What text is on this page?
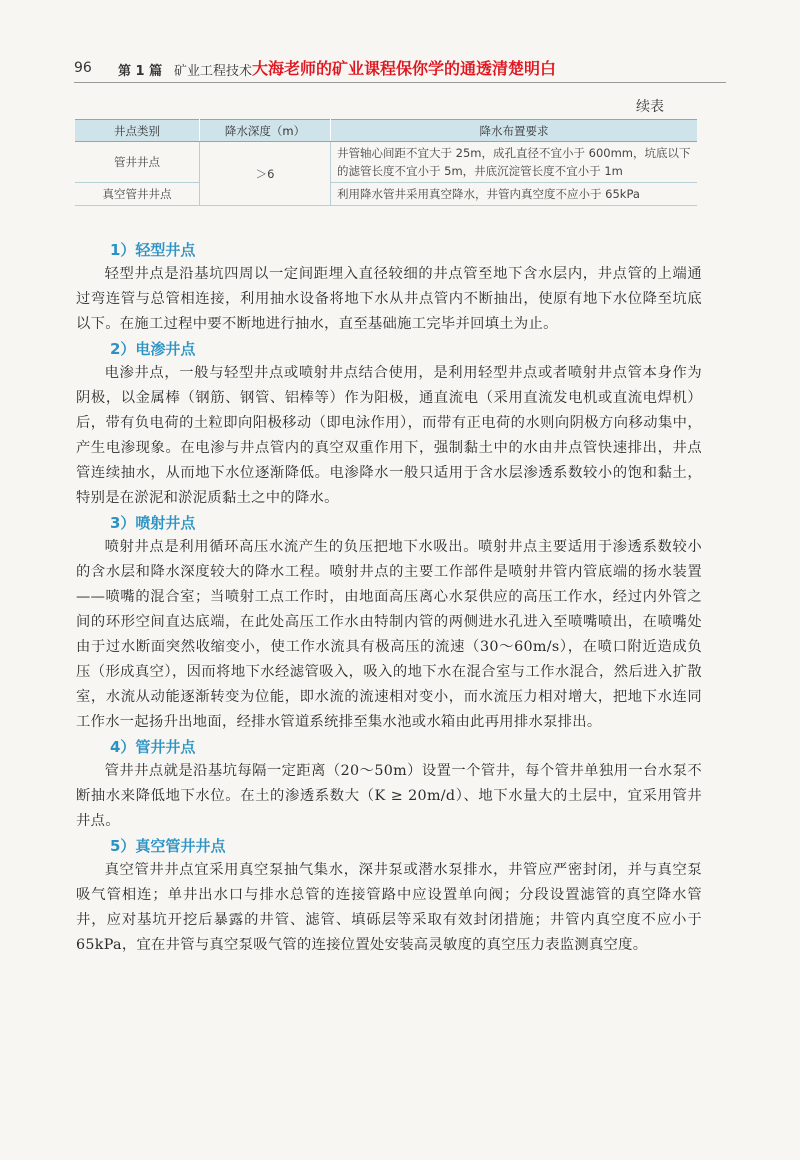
96 第 1 篇 矿业工程技术 大海老师的矿业课程保你学的通透清楚明白
续表
井点类别	降水深度（m）	降水布置要求
管井井点	＞6	井管轴心间距不宜大于 25m，成孔直径不宜小于 600mm，坑底以下的滤管长度不宜小于 5m，井底沉淀管长度不宜小于 1m
真空管井井点		利用降水管井采用真空降水，井管内真空度不应小于 65kPa
1）轻型井点

轻型井点是沿基坑四周以一定间距埋入直径较细的井点管至地下含水层内，井点管的上端通过弯连管与总管相连接，利用抽水设备将地下水从井点管内不断抽出，使原有地下水位降至坑底以下。在施工过程中要不断地进行抽水，直至基础施工完毕并回填土为止。

2）电渗井点

电渗井点，一般与轻型井点或喷射井点结合使用，是利用轻型井点或者喷射井点管本身作为阴极，以金属棒（钢筋、钢管、铝棒等）作为阳极，通直流电（采用直流发电机或直流电焊机）后，带有负电荷的土粒即向阳极移动（即电泳作用），而带有正电荷的水则向阴极方向移动集中，产生电渗现象。在电渗与井点管内的真空双重作用下，强制黏土中的水由井点管快速排出，井点管连续抽水，从而地下水位逐渐降低。电渗降水一般只适用于含水层渗透系数较小的饱和黏土，特别是在淤泥和淤泥质黏土之中的降水。

3）喷射井点

喷射井点是利用循环高压水流产生的负压把地下水吸出。喷射井点主要适用于渗透系数较小的含水层和降水深度较大的降水工程。喷射井点的主要工作部件是喷射井管内管底端的扬水装置——喷嘴的混合室；当喷射工点工作时，由地面高压离心水泵供应的高压工作水，经过内外管之间的环形空间直达底端，在此处高压工作水由特制内管的两侧进水孔进入至喷嘴喷出，在喷嘴处由于过水断面突然收缩变小，使工作水流具有极高压的流速（30～60m/s），在喷口附近造成负压（形成真空），因而将地下水经滤管吸入，吸入的地下水在混合室与工作水混合，然后进入扩散室，水流从动能逐渐转变为位能，即水流的流速相对变小，而水流压力相对增大，把地下水连同工作水一起扬升出地面，经排水管道系统排至集水池或水箱由此再用排水泵排出。

4）管井井点

管井井点就是沿基坑每隔一定距离（20～50m）设置一个管井，每个管井单独用一台水泵不断抽水来降低地下水位。在土的渗透系数大（K ≥ 20m/d）、地下水量大的土层中，宜采用管井井点。

5）真空管井井点

真空管井井点宜采用真空泵抽气集水，深井泵或潜水泵排水，井管应严密封闭，并与真空泵吸气管相连；单井出水口与排水总管的连接管路中应设置单向阀；分段设置滤管的真空降水管井，应对基坑开挖后暴露的井管、滤管、填砾层等采取有效封闭措施；井管内真空度不应小于 65kPa，宜在井管与真空泵吸气管的连接位置处安装高灵敏度的真空压力表监测真空度。
